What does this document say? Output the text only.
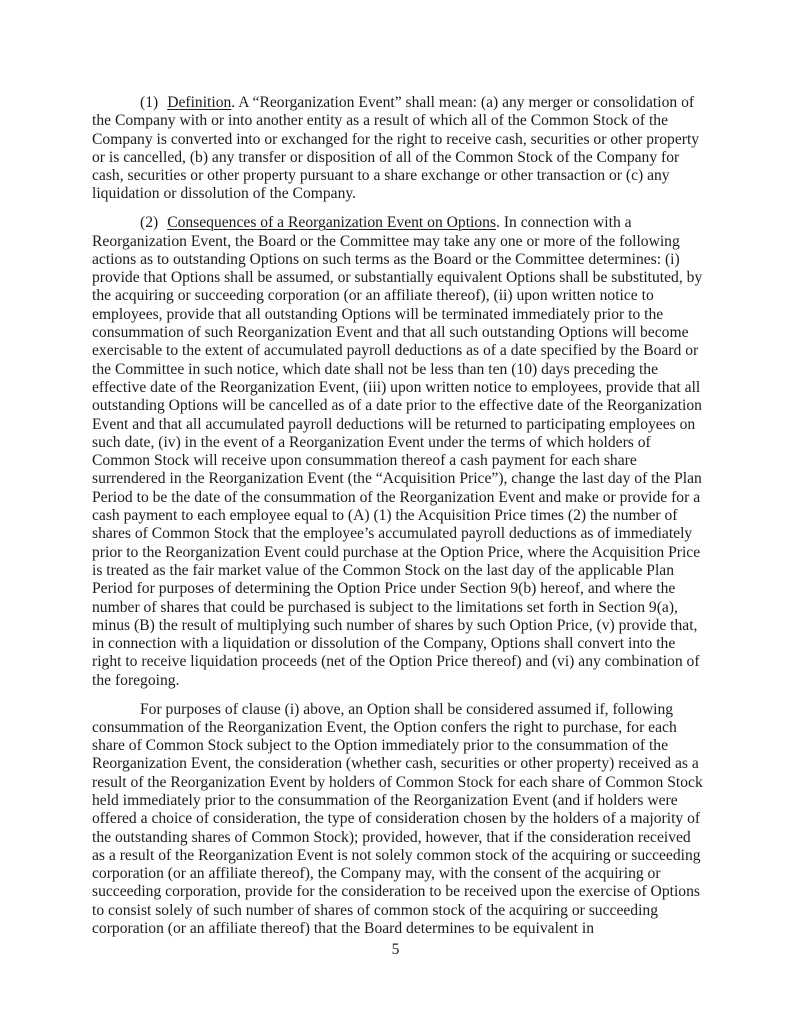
(1) Definition. A “Reorganization Event” shall mean: (a) any merger or consolidation of the Company with or into another entity as a result of which all of the Common Stock of the Company is converted into or exchanged for the right to receive cash, securities or other property or is cancelled, (b) any transfer or disposition of all of the Common Stock of the Company for cash, securities or other property pursuant to a share exchange or other transaction or (c) any liquidation or dissolution of the Company.

(2) Consequences of a Reorganization Event on Options. In connection with a Reorganization Event, the Board or the Committee may take any one or more of the following actions as to outstanding Options on such terms as the Board or the Committee determines: (i) provide that Options shall be assumed, or substantially equivalent Options shall be substituted, by the acquiring or succeeding corporation (or an affiliate thereof), (ii) upon written notice to employees, provide that all outstanding Options will be terminated immediately prior to the consummation of such Reorganization Event and that all such outstanding Options will become exercisable to the extent of accumulated payroll deductions as of a date specified by the Board or the Committee in such notice, which date shall not be less than ten (10) days preceding the effective date of the Reorganization Event, (iii) upon written notice to employees, provide that all outstanding Options will be cancelled as of a date prior to the effective date of the Reorganization Event and that all accumulated payroll deductions will be returned to participating employees on such date, (iv) in the event of a Reorganization Event under the terms of which holders of Common Stock will receive upon consummation thereof a cash payment for each share surrendered in the Reorganization Event (the “Acquisition Price”), change the last day of the Plan Period to be the date of the consummation of the Reorganization Event and make or provide for a cash payment to each employee equal to (A) (1) the Acquisition Price times (2) the number of shares of Common Stock that the employee’s accumulated payroll deductions as of immediately prior to the Reorganization Event could purchase at the Option Price, where the Acquisition Price is treated as the fair market value of the Common Stock on the last day of the applicable Plan Period for purposes of determining the Option Price under Section 9(b) hereof, and where the number of shares that could be purchased is subject to the limitations set forth in Section 9(a), minus (B) the result of multiplying such number of shares by such Option Price, (v) provide that, in connection with a liquidation or dissolution of the Company, Options shall convert into the right to receive liquidation proceeds (net of the Option Price thereof) and (vi) any combination of the foregoing.

For purposes of clause (i) above, an Option shall be considered assumed if, following consummation of the Reorganization Event, the Option confers the right to purchase, for each share of Common Stock subject to the Option immediately prior to the consummation of the Reorganization Event, the consideration (whether cash, securities or other property) received as a result of the Reorganization Event by holders of Common Stock for each share of Common Stock held immediately prior to the consummation of the Reorganization Event (and if holders were offered a choice of consideration, the type of consideration chosen by the holders of a majority of the outstanding shares of Common Stock); provided, however, that if the consideration received as a result of the Reorganization Event is not solely common stock of the acquiring or succeeding corporation (or an affiliate thereof), the Company may, with the consent of the acquiring or succeeding corporation, provide for the consideration to be received upon the exercise of Options to consist solely of such number of shares of common stock of the acquiring or succeeding corporation (or an affiliate thereof) that the Board determines to be equivalent in

5
